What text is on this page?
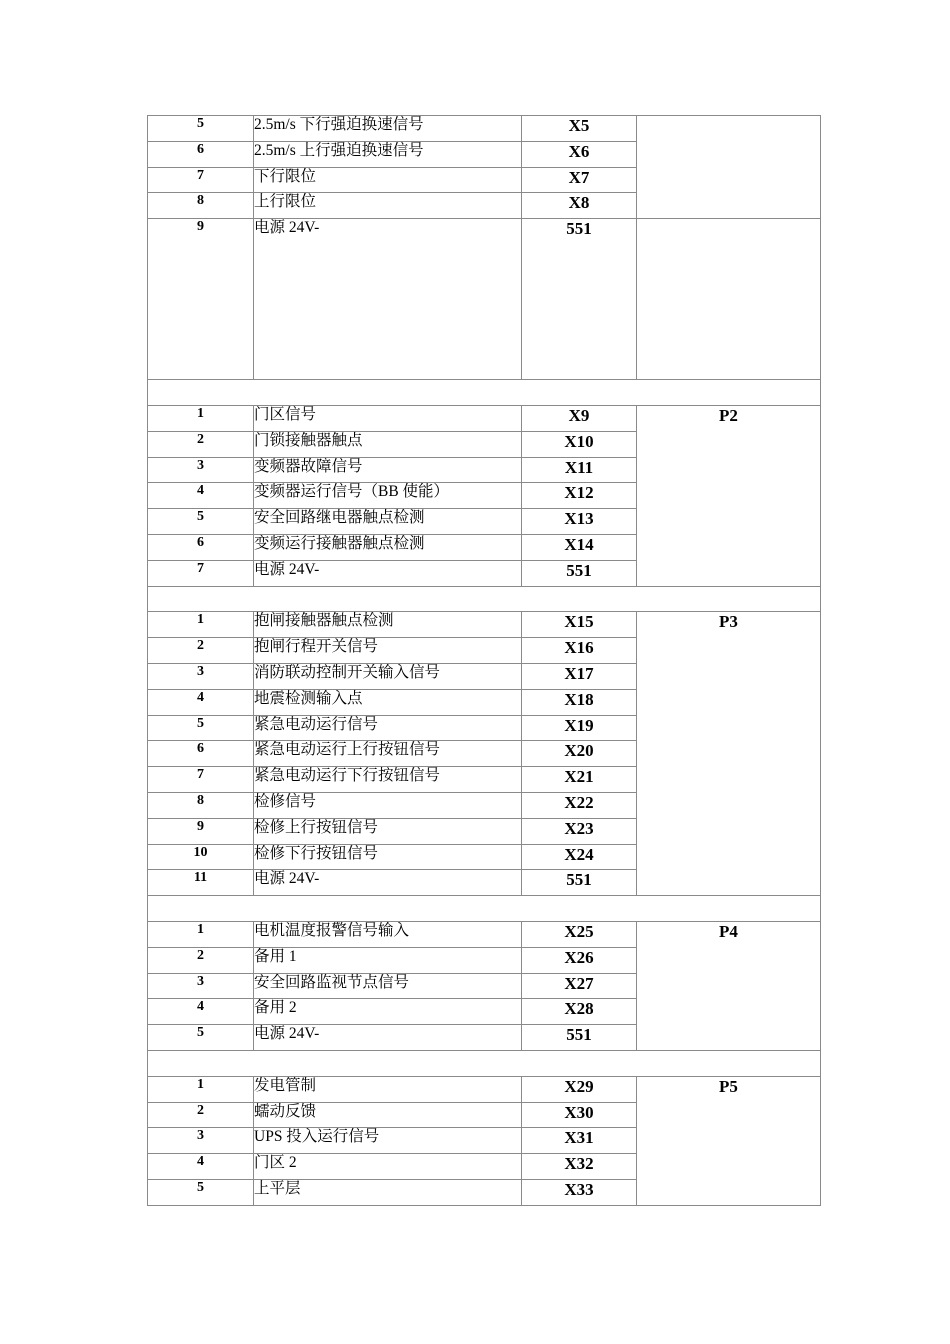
5	2.5m/s 下行强迫换速信号	X5	
6	2.5m/s 上行强迫换速信号	X6	
7	下行限位	X7	
8	上行限位	X8	
9	电源 24V-	551	

1	门区信号	X9	P2
2	门锁接触器触点	X10	
3	变频器故障信号	X11	
4	变频器运行信号（BB 使能）	X12	
5	安全回路继电器触点检测	X13	
6	变频运行接触器触点检测	X14	
7	电源 24V-	551	

1	抱闸接触器触点检测	X15	P3
2	抱闸行程开关信号	X16	
3	消防联动控制开关输入信号	X17	
4	地震检测输入点	X18	
5	紧急电动运行信号	X19	
6	紧急电动运行上行按钮信号	X20	
7	紧急电动运行下行按钮信号	X21	
8	检修信号	X22	
9	检修上行按钮信号	X23	
10	检修下行按钮信号	X24	
11	电源 24V-	551	

1	电机温度报警信号输入	X25	P4
2	备用 1	X26	
3	安全回路监视节点信号	X27	
4	备用 2	X28	
5	电源 24V-	551	

1	发电管制	X29	P5
2	蠕动反馈	X30	
3	UPS 投入运行信号	X31	
4	门区 2	X32	
5	上平层	X33	
